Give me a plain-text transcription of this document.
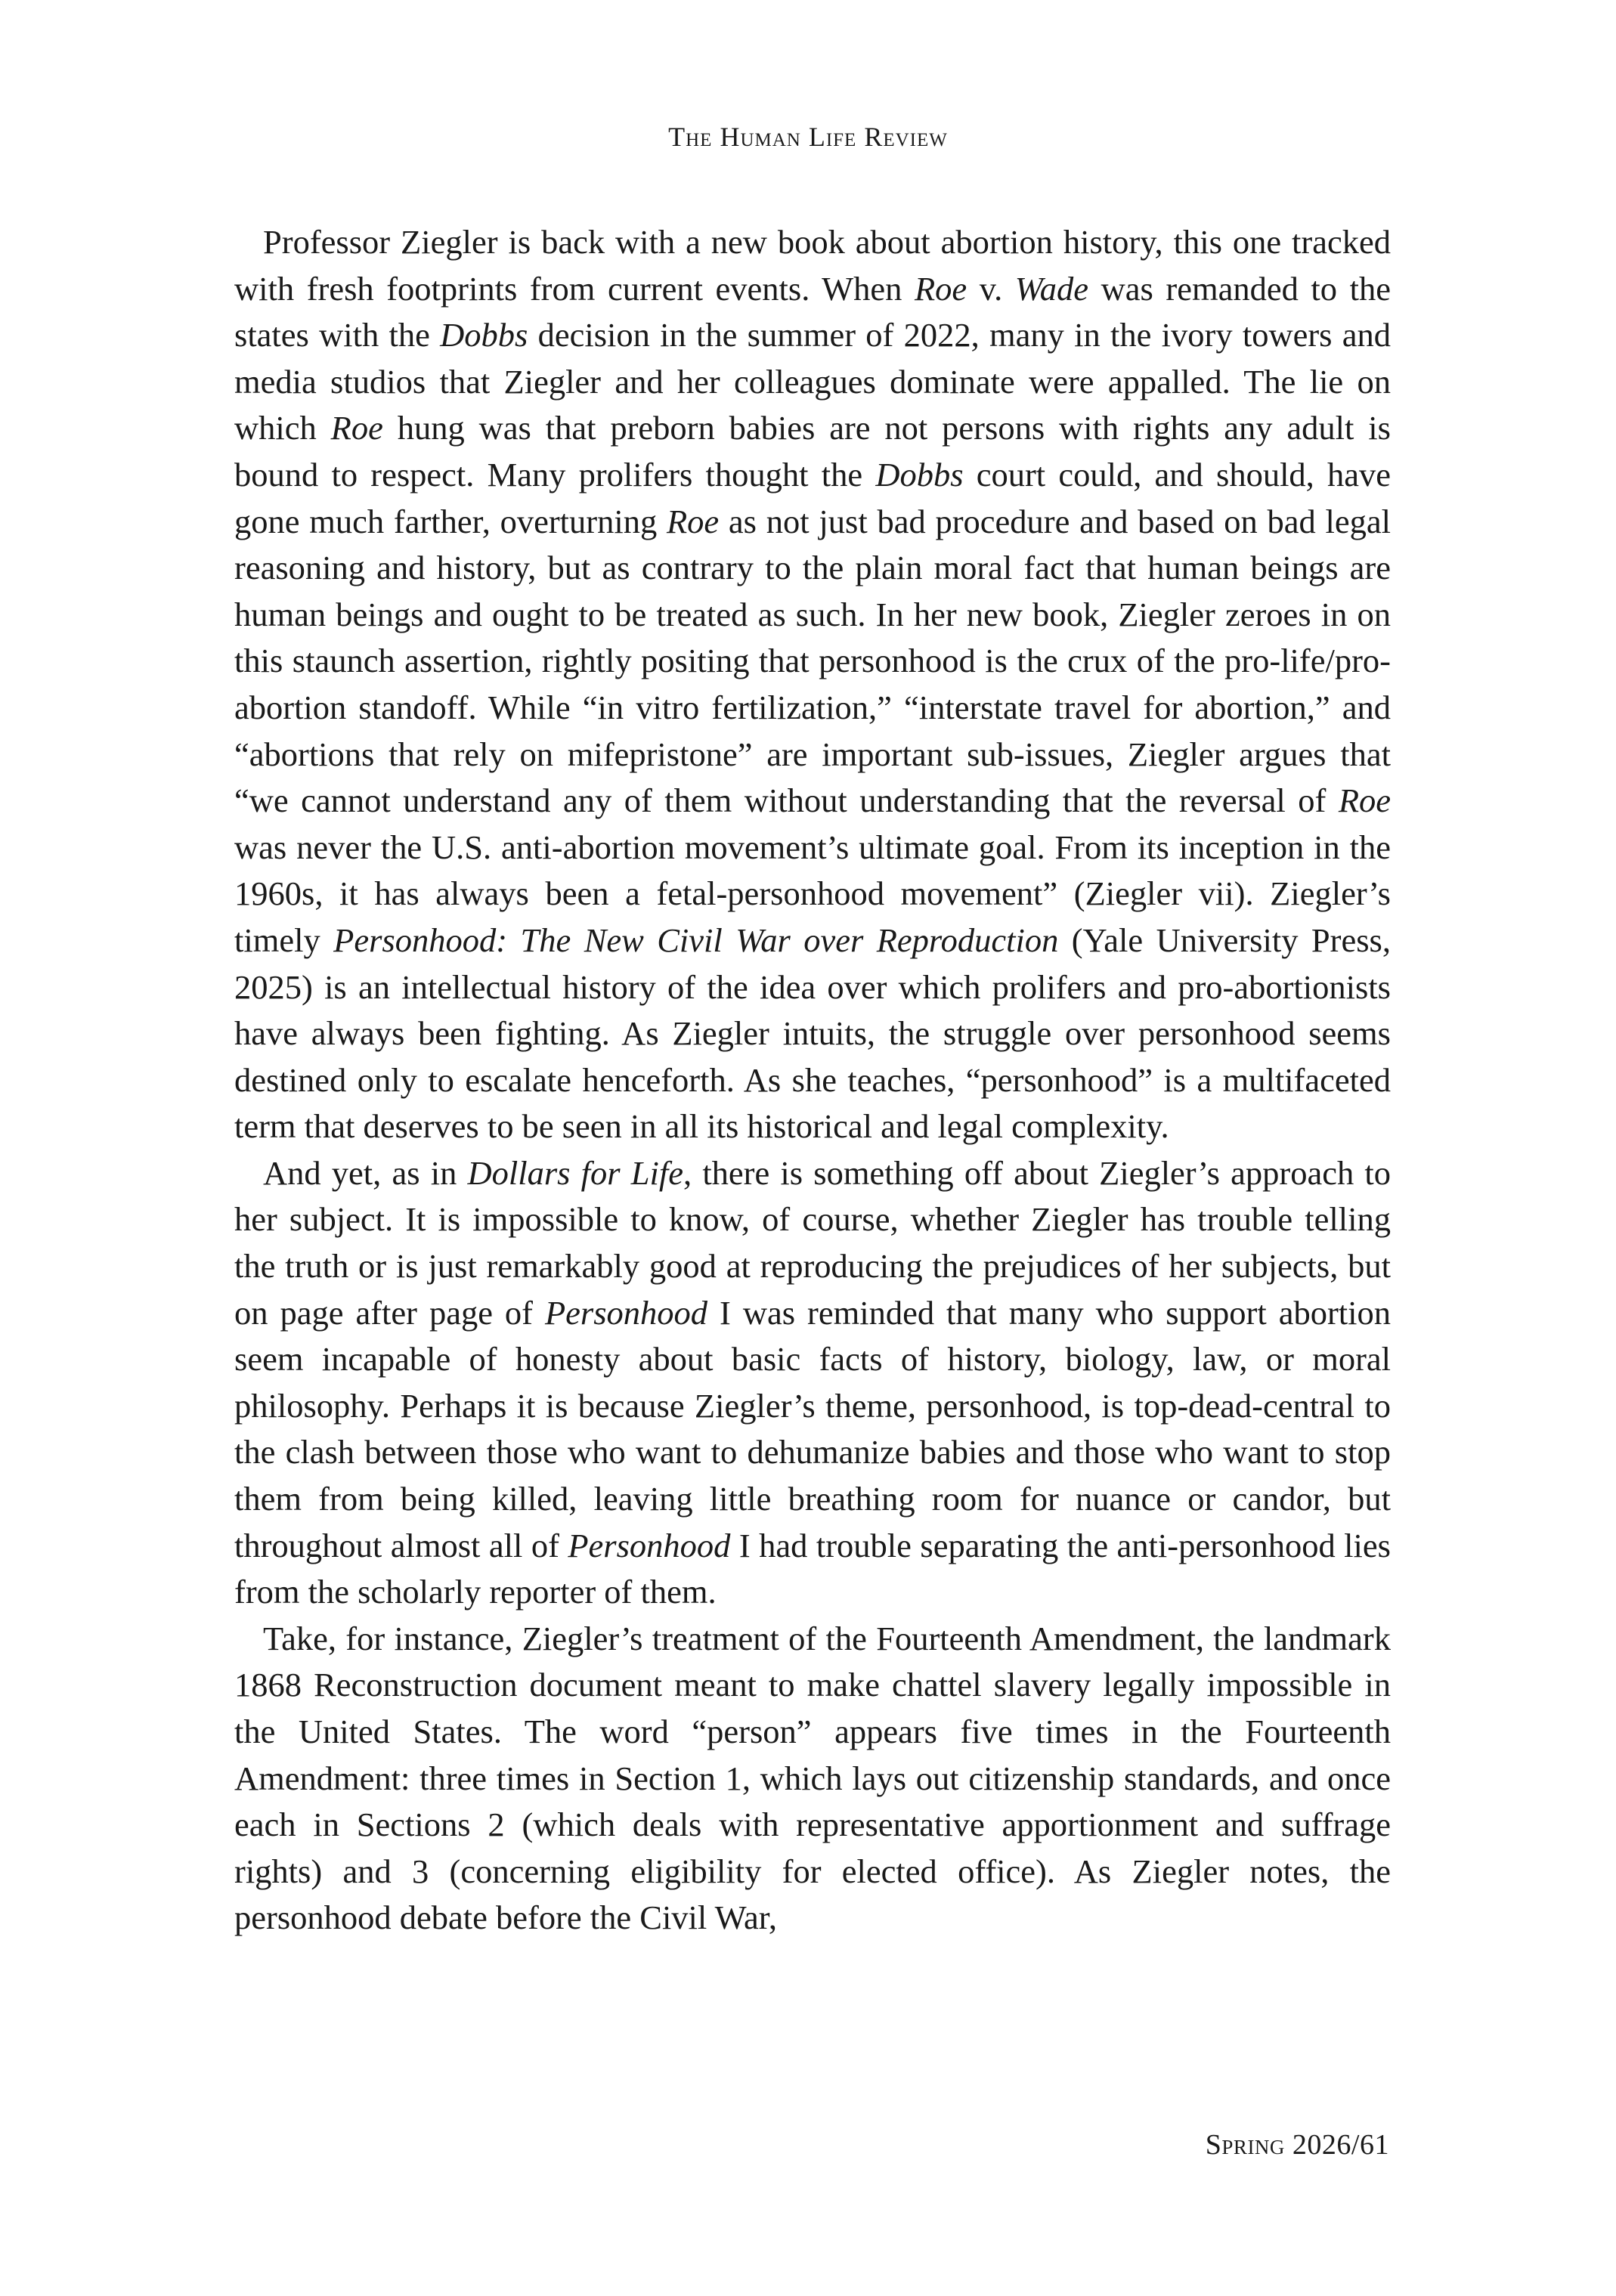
The Human Life Review

Professor Ziegler is back with a new book about abortion history, this one tracked with fresh footprints from current events. When Roe v. Wade was remanded to the states with the Dobbs decision in the summer of 2022, many in the ivory towers and media studios that Ziegler and her colleagues dominate were appalled. The lie on which Roe hung was that preborn babies are not persons with rights any adult is bound to respect. Many prolifers thought the Dobbs court could, and should, have gone much farther, overturning Roe as not just bad procedure and based on bad legal reasoning and history, but as contrary to the plain moral fact that human beings are human beings and ought to be treated as such. In her new book, Ziegler zeroes in on this staunch assertion, rightly positing that personhood is the crux of the pro-life/pro-abortion standoff. While “in vitro fertilization,” “interstate travel for abortion,” and “abortions that rely on mifepristone” are important sub-issues, Ziegler argues that “we cannot understand any of them without understanding that the reversal of Roe was never the U.S. anti-abortion movement’s ultimate goal. From its inception in the 1960s, it has always been a fetal-personhood movement” (Ziegler vii). Ziegler’s timely Personhood: The New Civil War over Reproduction (Yale University Press, 2025) is an intellectual history of the idea over which prolifers and pro-abortionists have always been fighting. As Ziegler intuits, the struggle over personhood seems destined only to escalate henceforth. As she teaches, “personhood” is a multifaceted term that deserves to be seen in all its historical and legal complexity.

And yet, as in Dollars for Life, there is something off about Ziegler’s approach to her subject. It is impossible to know, of course, whether Ziegler has trouble telling the truth or is just remarkably good at reproducing the prejudices of her subjects, but on page after page of Personhood I was reminded that many who support abortion seem incapable of honesty about basic facts of history, biology, law, or moral philosophy. Perhaps it is because Ziegler’s theme, personhood, is top-dead-central to the clash between those who want to dehumanize babies and those who want to stop them from being killed, leaving little breathing room for nuance or candor, but throughout almost all of Personhood I had trouble separating the anti-personhood lies from the scholarly reporter of them.

Take, for instance, Ziegler’s treatment of the Fourteenth Amendment, the landmark 1868 Reconstruction document meant to make chattel slavery legally impossible in the United States. The word “person” appears five times in the Fourteenth Amendment: three times in Section 1, which lays out citizenship standards, and once each in Sections 2 (which deals with representative apportionment and suffrage rights) and 3 (concerning eligibility for elected office). As Ziegler notes, the personhood debate before the Civil War,

Spring 2026/61
